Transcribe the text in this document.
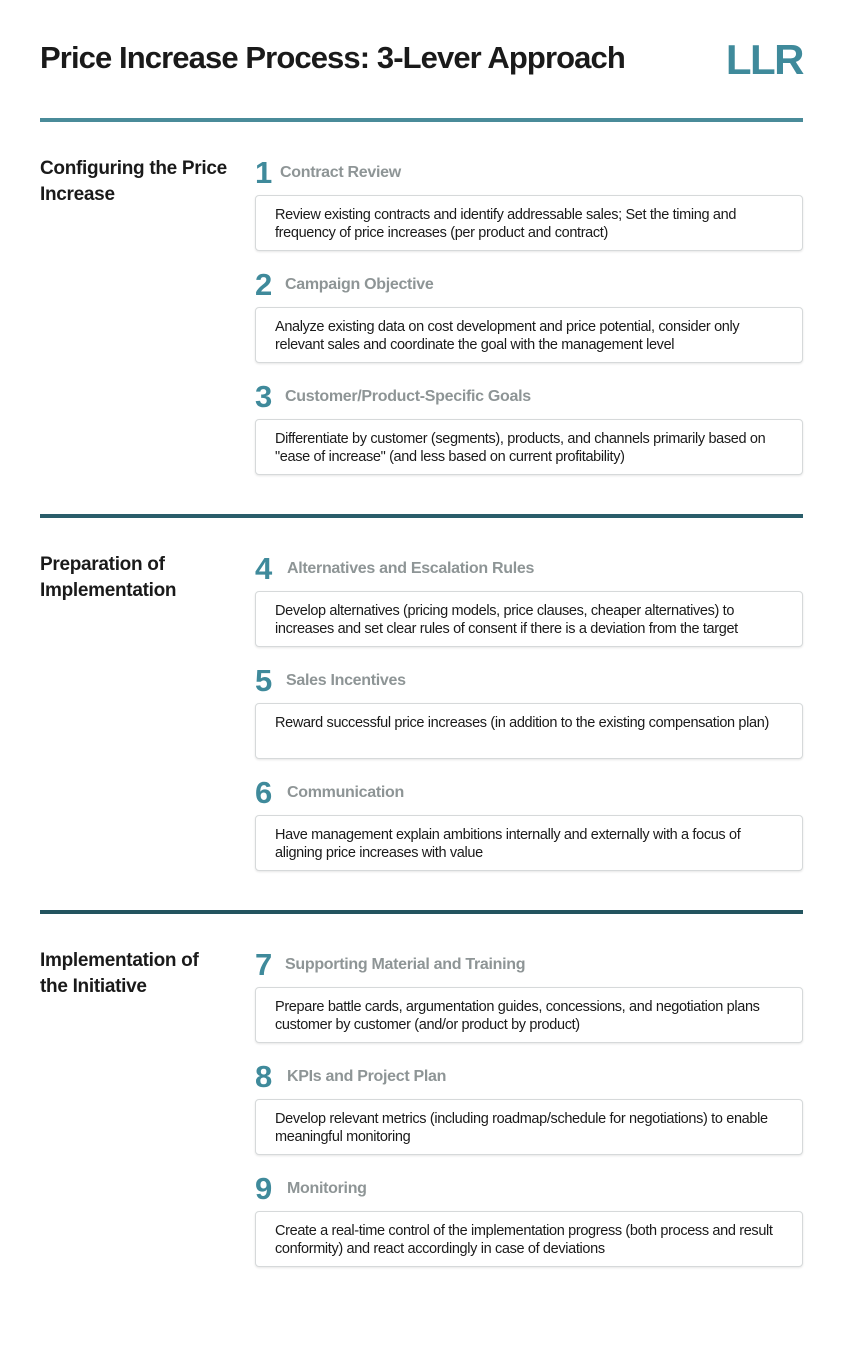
Price Increase Process: 3-Lever Approach LLR
Configuring the Price Increase
1 Contract Review
Review existing contracts and identify addressable sales; Set the timing and frequency of price increases (per product and contract)
2 Campaign Objective
Analyze existing data on cost development and price potential, consider only relevant sales and coordinate the goal with the management level
3 Customer/Product-Specific Goals
Differentiate by customer (segments), products, and channels primarily based on "ease of increase" (and less based on current profitability)
Preparation of Implementation
4 Alternatives and Escalation Rules
Develop alternatives (pricing models, price clauses, cheaper alternatives) to increases and set clear rules of consent if there is a deviation from the target
5 Sales Incentives
Reward successful price increases (in addition to the existing compensation plan)
6 Communication
Have management explain ambitions internally and externally with a focus of aligning price increases with value
Implementation of the Initiative
7 Supporting Material and Training
Prepare battle cards, argumentation guides, concessions, and negotiation plans customer by customer (and/or product by product)
8 KPIs and Project Plan
Develop relevant metrics (including roadmap/schedule for negotiations) to enable meaningful monitoring
9 Monitoring
Create a real-time control of the implementation progress (both process and result conformity) and react accordingly in case of deviations
